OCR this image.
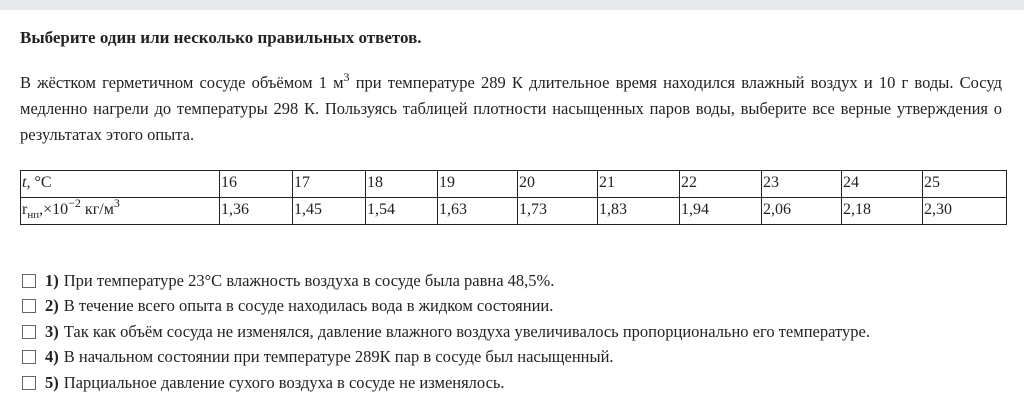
Выберите один или несколько правильных ответов.
В жёстком герметичном сосуде объёмом 1 $м^3$ при температуре 289 К длительное время находился влажный воздух и 10 г воды. Сосуд медленно нагрели до температуры 298 К. Пользуясь таблицей плотности насыщенных паров воды, выберите все верные утверждения о результатах этого опыта.
t, °C	16	17	18	19	20	21	22	23	24	25
$r_{нп},\times 10^{-2}$ $кг/м^3$	1,36	1,45	1,54	1,63	1,73	1,83	1,94	2,06	2,18	2,30
1) При температуре 23°С влажность воздуха в сосуде была равна 48,5%.
2) В течение всего опыта в сосуде находилась вода в жидком состоянии.
3) Так как объём сосуда не изменялся, давление влажного воздуха увеличивалось пропорционально его температуре.
4) В начальном состоянии при температуре 289К пар в сосуде был насыщенный.
5) Парциальное давление сухого воздуха в сосуде не изменялось.
